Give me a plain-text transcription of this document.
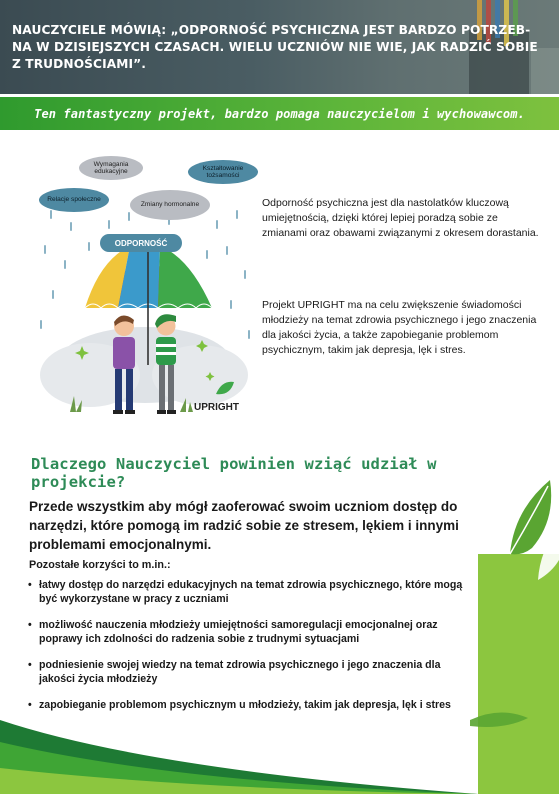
NAUCZYCIELE MÓWIĄ: „ODPORNOŚĆ PSYCHICZNA JEST BARDZO POTRZEB-NA W DZISIEJSZYCH CZASACH. WIELU UCZNIÓW NIE WIE, JAK RADZIĆ SOBIE Z TRUDNOŚCIAMI”.
Ten fantastyczny projekt, bardzo pomaga nauczycielom i wychowawcom.
Wymagania edukacyjne	Kształtowanie tożsamości
Relacje społeczne
Zmiany hormonalne
ODPORNOŚĆ
UPRIGHT
Odporność psychiczna jest dla nastolatków kluczową umiejętnością, dzięki której lepiej poradzą sobie ze zmianami oraz obawami związanymi z okresem dorastania.
Projekt UPRIGHT ma na celu zwiększenie świadomości młodzieży na temat zdrowia psychicznego i jego znaczenia dla jakości życia, a także zapobieganie problemom psychicznym, takim jak depresja, lęk i stres.
Dlaczego Nauczyciel powinien wziąć udział w projekcie?
Przede wszystkim aby mógł zaoferować swoim uczniom dostęp do narzędzi, które pomogą im radzić sobie ze stresem, lękiem i innymi problemami emocjonalnymi.
Pozostałe korzyści to m.in.:
• łatwy dostęp do narzędzi edukacyjnych na temat zdrowia psychicznego, które mogą być wykorzystane w pracy z uczniami
• możliwość nauczenia młodzieży umiejętności samoregulacji emocjonalnej oraz poprawy ich zdolności do radzenia sobie z trudnymi sytuacjami
• podniesienie swojej wiedzy na temat zdrowia psychicznego i jego znaczenia dla jakości życia młodzieży
• zapobieganie problemom psychicznym u młodzieży, takim jak depresja, lęk i stres
